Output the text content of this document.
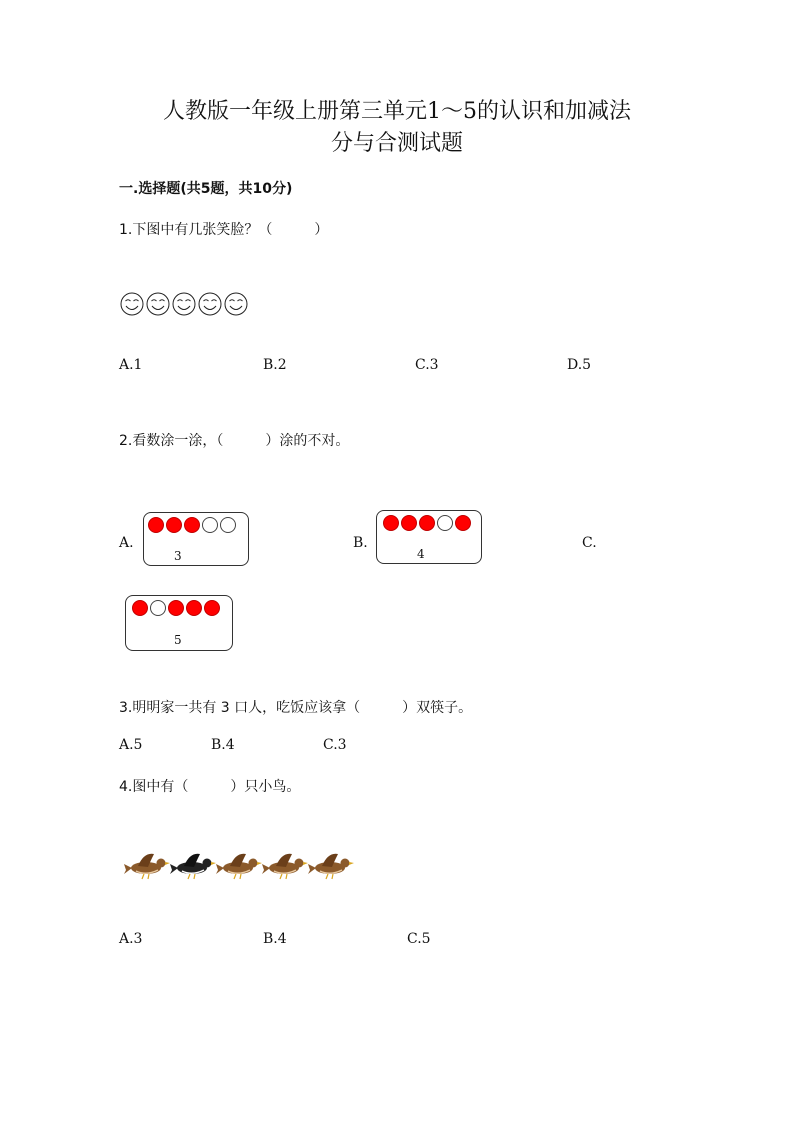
人教版一年级上册第三单元1～5的认识和加减法
分与合测试题
一.选择题(共5题，共10分)
1.下图中有几张笑脸？（　　　）
A.1	B.2	C.3	D.5
2.看数涂一涂，（　　　）涂的不对。
A.
3
B.
4
C.
5
3.明明家一共有 3 口人，吃饭应该拿（　　　）双筷子。
A.5	B.4	C.3
4.图中有（　　　）只小鸟。
A.3	B.4	C.5
